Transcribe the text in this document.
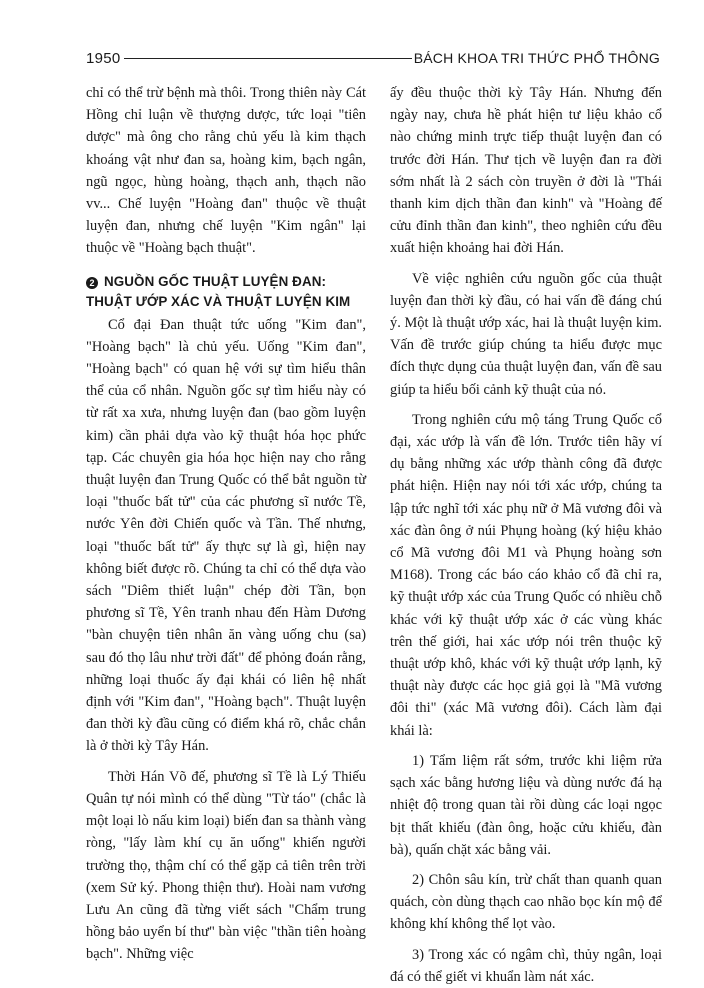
1950	BÁCH KHOA TRI THỨC PHỔ THÔNG

chỉ có thể trừ bệnh mà thôi. Trong thiên này Cát Hồng chỉ luận về thượng dược, tức loại "tiên dược" mà ông cho rằng chủ yếu là kim thạch khoáng vật như đan sa, hoàng kim, bạch ngân, ngũ ngọc, hùng hoàng, thạch anh, thạch não vv... Chế luyện "Hoàng đan" thuộc về thuật luyện đan, nhưng chế luyện "Kim ngân" lại thuộc về "Hoàng bạch thuật".

2 NGUỒN GỐC THUẬT LUYỆN ĐAN: THUẬT ƯỚP XÁC VÀ THUẬT LUYỆN KIM

Cổ đại Đan thuật tức uống "Kim đan", "Hoàng bạch" là chủ yếu. Uống "Kim đan", "Hoàng bạch" có quan hệ với sự tìm hiểu thân thể của cổ nhân. Nguồn gốc sự tìm hiểu này có từ rất xa xưa, nhưng luyện đan (bao gồm luyện kim) cần phải dựa vào kỹ thuật hóa học phức tạp. Các chuyên gia hóa học hiện nay cho rằng thuật luyện đan Trung Quốc có thể bắt nguồn từ loại "thuốc bất tử" của các phương sĩ nước Tề, nước Yên đời Chiến quốc và Tần. Thế nhưng, loại "thuốc bất tử" ấy thực sự là gì, hiện nay không biết được rõ. Chúng ta chỉ có thể dựa vào sách "Diêm thiết luận" chép đời Tần, bọn phương sĩ Tề, Yên tranh nhau đến Hàm Dương "bàn chuyện tiên nhân ăn vàng uống chu (sa) sau đó thọ lâu như trời đất" để phỏng đoán rằng, những loại thuốc ấy đại khái có liên hệ nhất định với "Kim đan", "Hoàng bạch". Thuật luyện đan thời kỳ đầu cũng có điểm khá rõ, chắc chắn là ở thời kỳ Tây Hán.

Thời Hán Võ đế, phương sĩ Tề là Lý Thiếu Quân tự nói mình có thể dùng "Từ táo" (chắc là một loại lò nấu kim loại) biến đan sa thành vàng ròng, "lấy làm khí cụ ăn uống" khiến người trường thọ, thậm chí có thể gặp cả tiên trên trời (xem Sử ký. Phong thiện thư). Hoài nam vương Lưu An cũng đã từng viết sách "Chẩm trung hồng bảo uyển bí thư" bàn việc "thần tiên hoàng bạch". Những việc

ấy đều thuộc thời kỳ Tây Hán. Nhưng đến ngày nay, chưa hề phát hiện tư liệu khảo cổ nào chứng minh trực tiếp thuật luyện đan có trước đời Hán. Thư tịch về luyện đan ra đời sớm nhất là 2 sách còn truyền ở đời là "Thái thanh kim dịch thần đan kinh" và "Hoàng đế cửu đỉnh thần đan kinh", theo nghiên cứu đều xuất hiện khoảng hai đời Hán.

Về việc nghiên cứu nguồn gốc của thuật luyện đan thời kỳ đầu, có hai vấn đề đáng chú ý. Một là thuật ướp xác, hai là thuật luyện kim. Vấn đề trước giúp chúng ta hiểu được mục đích thực dụng của thuật luyện đan, vấn đề sau giúp ta hiểu bối cảnh kỹ thuật của nó.

Trong nghiên cứu mộ táng Trung Quốc cổ đại, xác ướp là vấn đề lớn. Trước tiên hãy ví dụ bằng những xác ướp thành công đã được phát hiện. Hiện nay nói tới xác ướp, chúng ta lập tức nghĩ tới xác phụ nữ ở Mã vương đôi và xác đàn ông ở núi Phụng hoàng (ký hiệu khảo cổ Mã vương đôi M1 và Phụng hoàng sơn M168). Trong các báo cáo khảo cổ đã chỉ ra, kỹ thuật ướp xác của Trung Quốc có nhiều chỗ khác với kỹ thuật ướp xác ở các vùng khác trên thế giới, hai xác ướp nói trên thuộc kỹ thuật ướp khô, khác với kỹ thuật ướp lạnh, kỹ thuật này được các học giả gọi là "Mã vương đôi thi" (xác Mã vương đôi). Cách làm đại khái là:

1) Tẩm liệm rất sớm, trước khi liệm rửa sạch xác bằng hương liệu và dùng nước đá hạ nhiệt độ trong quan tài rồi dùng các loại ngọc bịt thất khiếu (đàn ông, hoặc cửu khiếu, đàn bà), quấn chặt xác bằng vải.

2) Chôn sâu kín, trừ chất than quanh quan quách, còn dùng thạch cao nhão bọc kín mộ để không khí không thể lọt vào.

3) Trong xác có ngâm chì, thủy ngân, loại đá có thể giết vi khuẩn làm nát xác.
